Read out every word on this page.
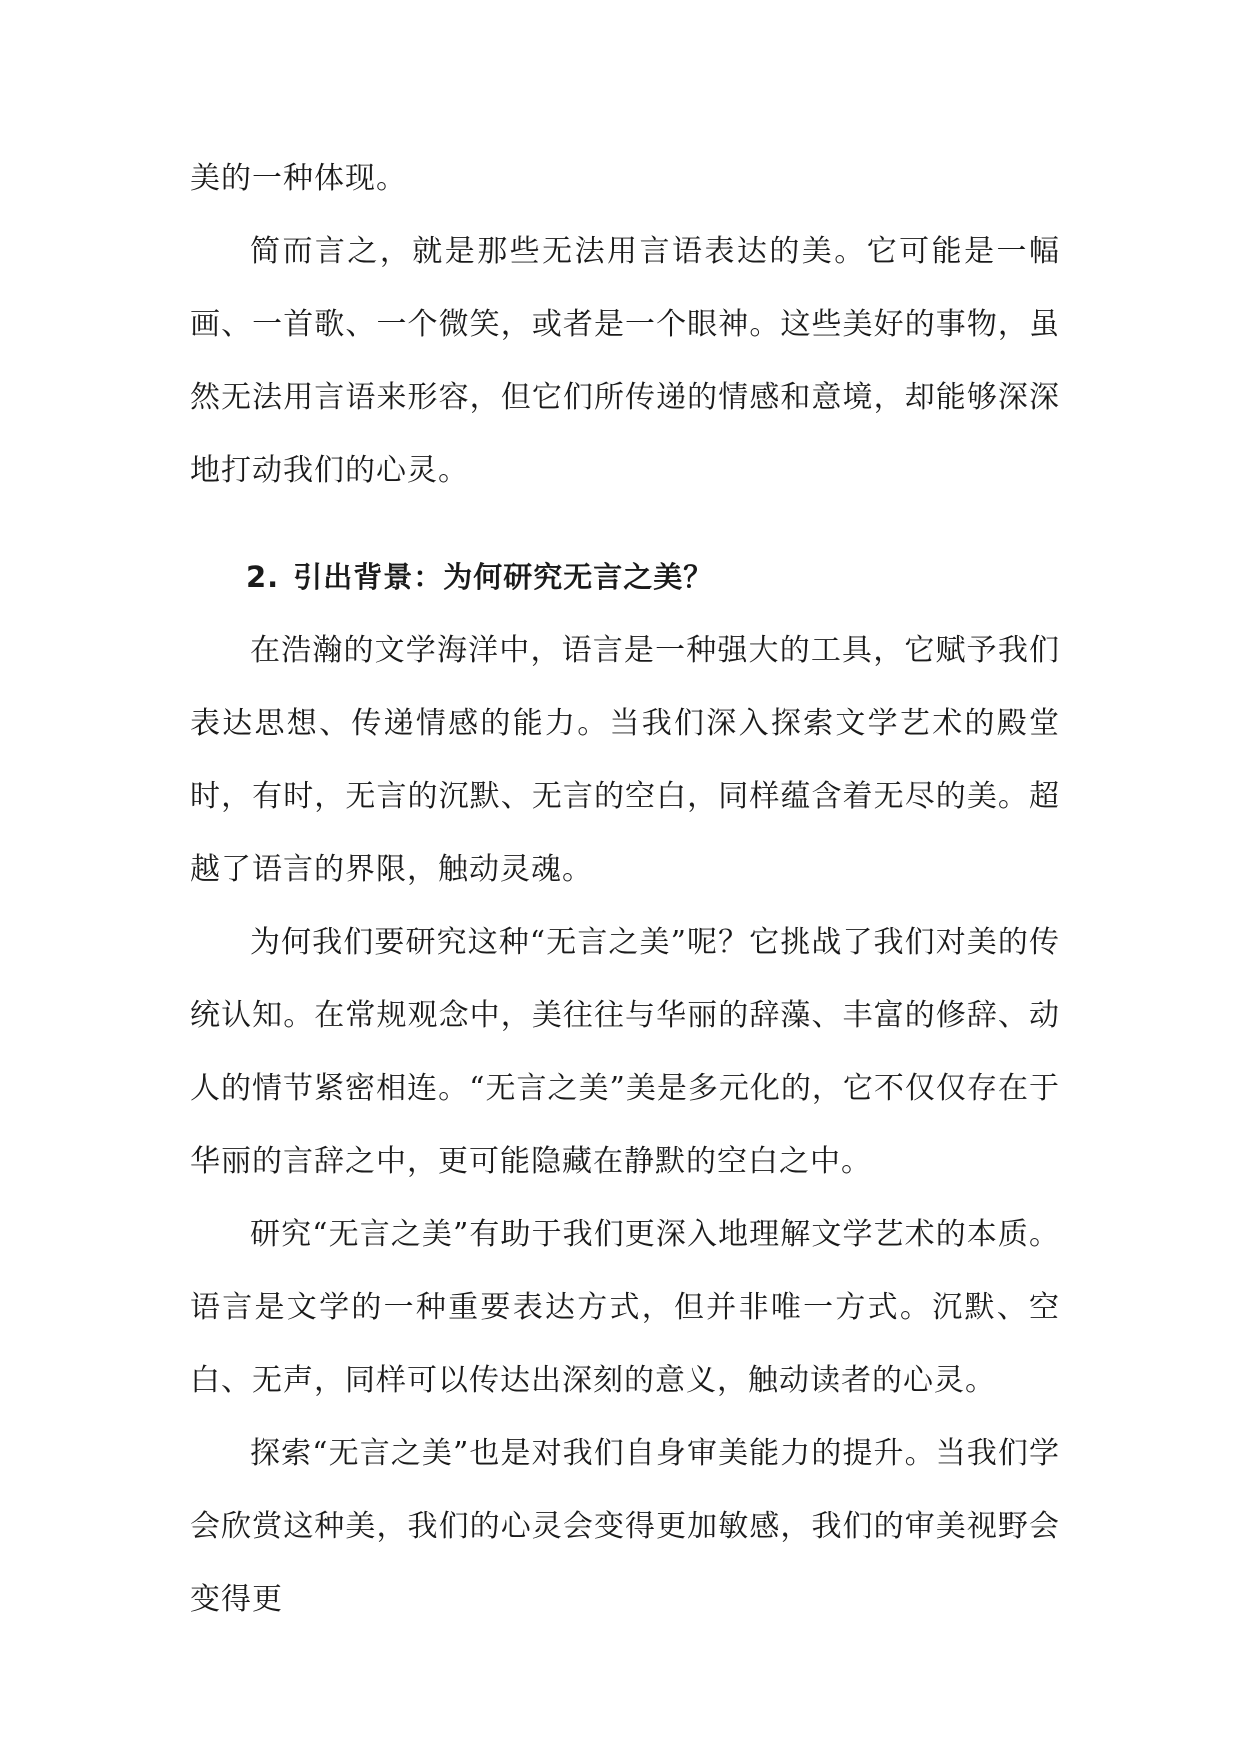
美的一种体现。

简而言之，就是那些无法用言语表达的美。它可能是一幅画、一首歌、一个微笑，或者是一个眼神。这些美好的事物，虽然无法用言语来形容，但它们所传递的情感和意境，却能够深深地打动我们的心灵。

2. 引出背景：为何研究无言之美？

在浩瀚的文学海洋中，语言是一种强大的工具，它赋予我们表达思想、传递情感的能力。当我们深入探索文学艺术的殿堂时，有时，无言的沉默、无言的空白，同样蕴含着无尽的美。超越了语言的界限，触动灵魂。

为何我们要研究这种“无言之美”呢？它挑战了我们对美的传统认知。在常规观念中，美往往与华丽的辞藻、丰富的修辞、动人的情节紧密相连。“无言之美”美是多元化的，它不仅仅存在于华丽的言辞之中，更可能隐藏在静默的空白之中。

研究“无言之美”有助于我们更深入地理解文学艺术的本质。语言是文学的一种重要表达方式，但并非唯一方式。沉默、空白、无声，同样可以传达出深刻的意义，触动读者的心灵。

探索“无言之美”也是对我们自身审美能力的提升。当我们学会欣赏这种美，我们的心灵会变得更加敏感，我们的审美视野会变得更
